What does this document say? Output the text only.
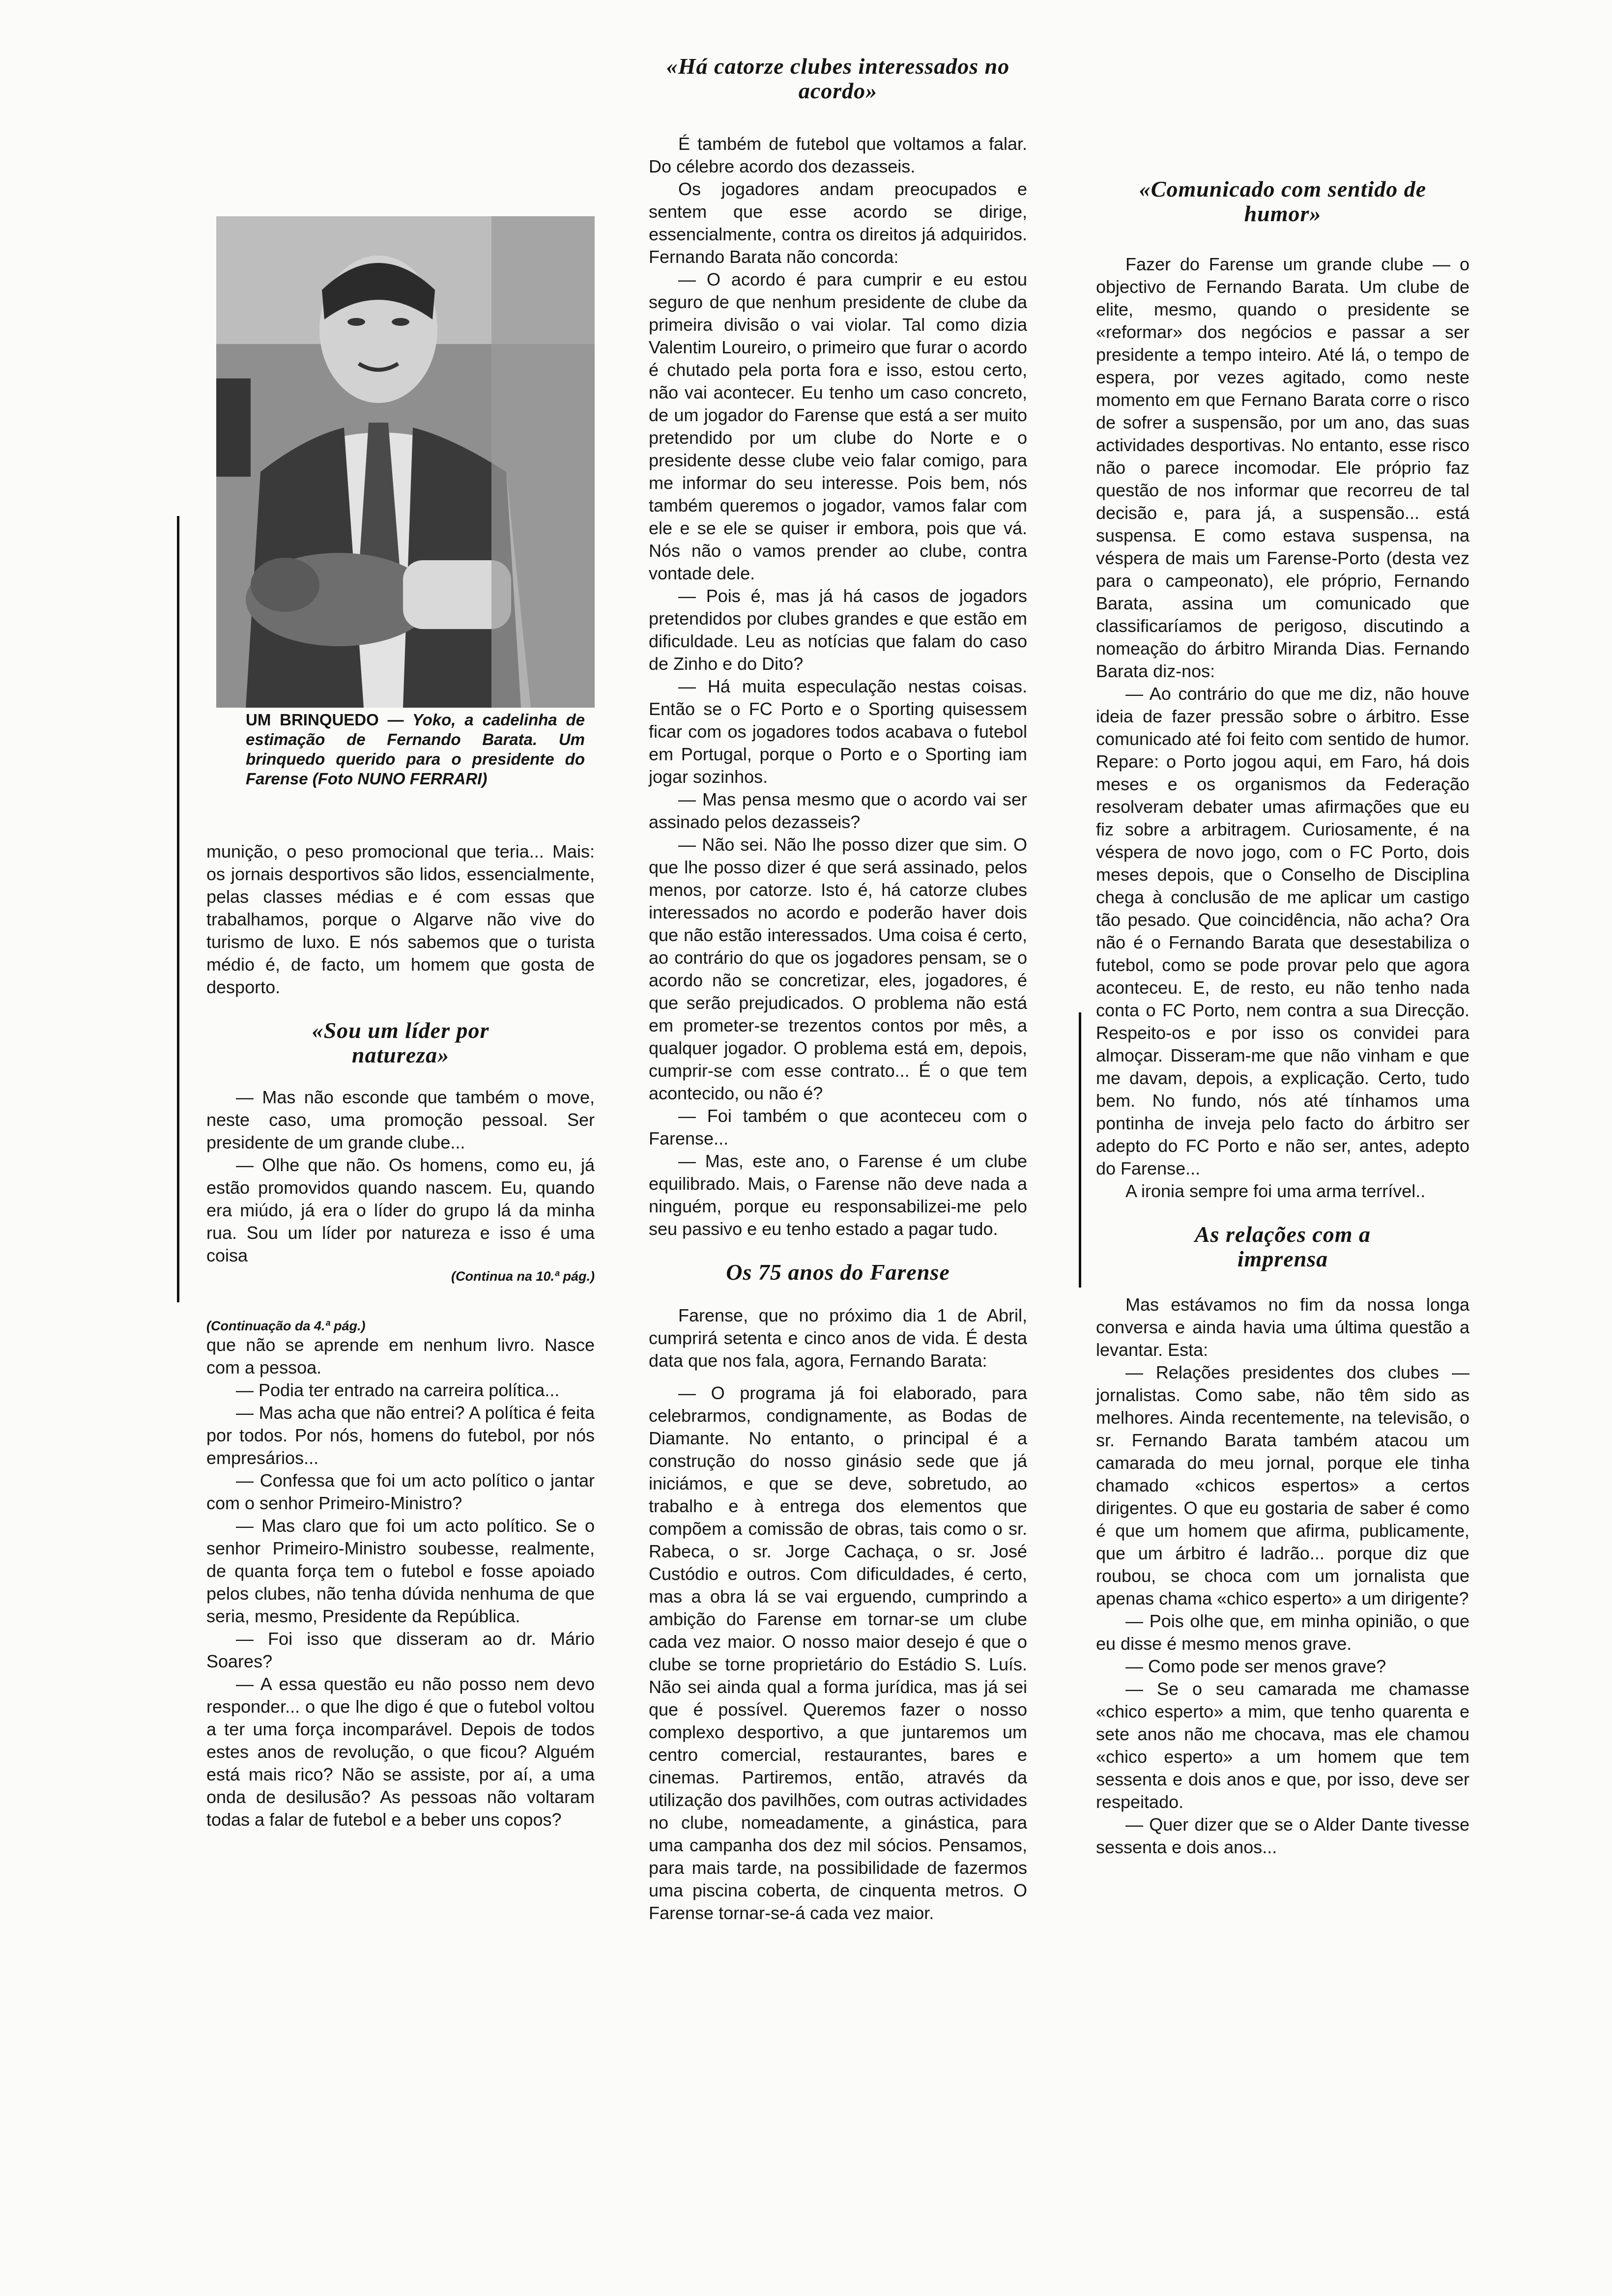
UM BRINQUEDO — Yoko, a cadelinha de estimação de Fernando Barata. Um brinquedo querido para o presidente do Farense (Foto NUNO FERRARI)

munição, o peso promocional que teria... Mais: os jornais desportivos são lidos, essencialmente, pelas classes médias e é com essas que trabalhamos, porque o Algarve não vive do turismo de luxo. E nós sabemos que o turista médio é, de facto, um homem que gosta de desporto.

«Sou um líder por natureza»

— Mas não esconde que também o move, neste caso, uma promoção pessoal. Ser presidente de um grande clube...

— Olhe que não. Os homens, como eu, já estão promovidos quando nascem. Eu, quando era miúdo, já era o líder do grupo lá da minha rua. Sou um líder por natureza e isso é uma coisa

(Continua na 10.ª pág.)
(Continuação da 4.ª pág.)

que não se aprende em nenhum livro. Nasce com a pessoa.

— Podia ter entrado na carreira política...

— Mas acha que não entrei? A política é feita por todos. Por nós, homens do futebol, por nós empresários...

— Confessa que foi um acto político o jantar com o senhor Primeiro-Ministro?

— Mas claro que foi um acto político. Se o senhor Primeiro-Ministro soubesse, realmente, de quanta força tem o futebol e fosse apoiado pelos clubes, não tenha dúvida nenhuma de que seria, mesmo, Presidente da República.

— Foi isso que disseram ao dr. Mário Soares?

— A essa questão eu não posso nem devo responder... o que lhe digo é que o futebol voltou a ter uma força incomparável. Depois de todos estes anos de revolução, o que ficou? Alguém está mais rico? Não se assiste, por aí, a uma onda de desilusão? As pessoas não voltaram todas a falar de futebol e a beber uns copos?

«Há catorze clubes interessados no acordo»

É também de futebol que voltamos a falar. Do célebre acordo dos dezasseis.

Os jogadores andam preocupados e sentem que esse acordo se dirige, essencialmente, contra os direitos já adquiridos. Fernando Barata não concorda:

— O acordo é para cumprir e eu estou seguro de que nenhum presidente de clube da primeira divisão o vai violar. Tal como dizia Valentim Loureiro, o primeiro que furar o acordo é chutado pela porta fora e isso, estou certo, não vai acontecer. Eu tenho um caso concreto, de um jogador do Farense que está a ser muito pretendido por um clube do Norte e o presidente desse clube veio falar comigo, para me informar do seu interesse. Pois bem, nós também queremos o jogador, vamos falar com ele e se ele se quiser ir embora, pois que vá. Nós não o vamos prender ao clube, contra vontade dele.

— Pois é, mas já há casos de jogadors pretendidos por clubes grandes e que estão em dificuldade. Leu as notícias que falam do caso de Zinho e do Dito?

— Há muita especulação nestas coisas. Então se o FC Porto e o Sporting quisessem ficar com os jogadores todos acabava o futebol em Portugal, porque o Porto e o Sporting iam jogar sozinhos.

— Mas pensa mesmo que o acordo vai ser assinado pelos dezasseis?

— Não sei. Não lhe posso dizer que sim. O que lhe posso dizer é que será assinado, pelos menos, por catorze. Isto é, há catorze clubes interessados no acordo e poderão haver dois que não estão interessados. Uma coisa é certo, ao contrário do que os jogadores pensam, se o acordo não se concretizar, eles, jogadores, é que serão prejudicados. O problema não está em prometer-se trezentos contos por mês, a qualquer jogador. O problema está em, depois, cumprir-se com esse contrato... É o que tem acontecido, ou não é?

— Foi também o que aconteceu com o Farense...

— Mas, este ano, o Farense é um clube equilibrado. Mais, o Farense não deve nada a ninguém, porque eu responsabilizei-me pelo seu passivo e eu tenho estado a pagar tudo.

Os 75 anos do Farense

Farense, que no próximo dia 1 de Abril, cumprirá setenta e cinco anos de vida. É desta data que nos fala, agora, Fernando Barata:

— O programa já foi elaborado, para celebrarmos, condignamente, as Bodas de Diamante. No entanto, o principal é a construção do nosso ginásio sede que já iniciámos, e que se deve, sobretudo, ao trabalho e à entrega dos elementos que compõem a comissão de obras, tais como o sr. Rabeca, o sr. Jorge Cachaça, o sr. José Custódio e outros. Com dificuldades, é certo, mas a obra lá se vai erguendo, cumprindo a ambição do Farense em tornar-se um clube cada vez maior. O nosso maior desejo é que o clube se torne proprietário do Estádio S. Luís. Não sei ainda qual a forma jurídica, mas já sei que é possível. Queremos fazer o nosso complexo desportivo, a que juntaremos um centro comercial, restaurantes, bares e cinemas. Partiremos, então, através da utilização dos pavilhões, com outras actividades no clube, nomeadamente, a ginástica, para uma campanha dos dez mil sócios. Pensamos, para mais tarde, na possibilidade de fazermos uma piscina coberta, de cinquenta metros. O Farense tornar-se-á cada vez maior.

«Comunicado com sentido de humor»

Fazer do Farense um grande clube — o objectivo de Fernando Barata. Um clube de elite, mesmo, quando o presidente se «reformar» dos negócios e passar a ser presidente a tempo inteiro. Até lá, o tempo de espera, por vezes agitado, como neste momento em que Fernano Barata corre o risco de sofrer a suspensão, por um ano, das suas actividades desportivas. No entanto, esse risco não o parece incomodar. Ele próprio faz questão de nos informar que recorreu de tal decisão e, para já, a suspensão... está suspensa. E como estava suspensa, na véspera de mais um Farense-Porto (desta vez para o campeonato), ele próprio, Fernando Barata, assina um comunicado que classificaríamos de perigoso, discutindo a nomeação do árbitro Miranda Dias. Fernando Barata diz-nos:

— Ao contrário do que me diz, não houve ideia de fazer pressão sobre o árbitro. Esse comunicado até foi feito com sentido de humor. Repare: o Porto jogou aqui, em Faro, há dois meses e os organismos da Federação resolveram debater umas afirmações que eu fiz sobre a arbitragem. Curiosamente, é na véspera de novo jogo, com o FC Porto, dois meses depois, que o Conselho de Disciplina chega à conclusão de me aplicar um castigo tão pesado. Que coincidência, não acha? Ora não é o Fernando Barata que desestabiliza o futebol, como se pode provar pelo que agora aconteceu. E, de resto, eu não tenho nada conta o FC Porto, nem contra a sua Direcção. Respeito-os e por isso os convidei para almoçar. Disseram-me que não vinham e que me davam, depois, a explicação. Certo, tudo bem. No fundo, nós até tínhamos uma pontinha de inveja pelo facto do árbitro ser adepto do FC Porto e não ser, antes, adepto do Farense...

A ironia sempre foi uma arma terrível..

As relações com a imprensa

Mas estávamos no fim da nossa longa conversa e ainda havia uma última questão a levantar. Esta:

— Relações presidentes dos clubes — jornalistas. Como sabe, não têm sido as melhores. Ainda recentemente, na televisão, o sr. Fernando Barata também atacou um camarada do meu jornal, porque ele tinha chamado «chicos espertos» a certos dirigentes. O que eu gostaria de saber é como é que um homem que afirma, publicamente, que um árbitro é ladrão... porque diz que roubou, se choca com um jornalista que apenas chama «chico esperto» a um dirigente?

— Pois olhe que, em minha opinião, o que eu disse é mesmo menos grave.

— Como pode ser menos grave?

— Se o seu camarada me chamasse «chico esperto» a mim, que tenho quarenta e sete anos não me chocava, mas ele chamou «chico esperto» a um homem que tem sessenta e dois anos e que, por isso, deve ser respeitado.

— Quer dizer que se o Alder Dante tivesse sessenta e dois anos...
